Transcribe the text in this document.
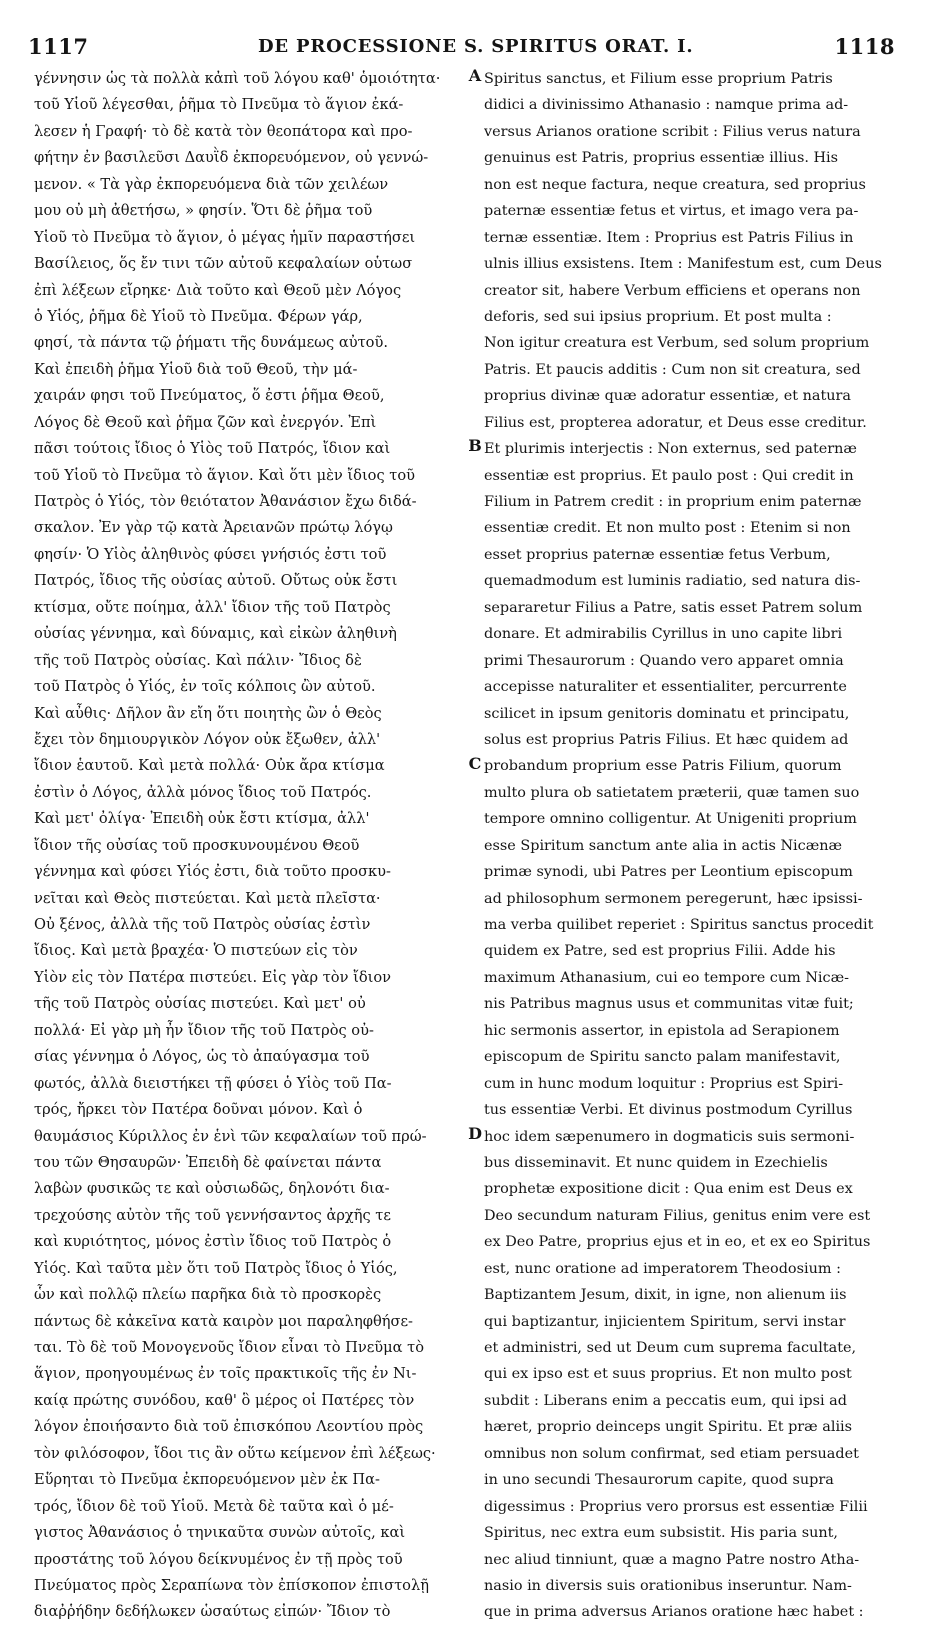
1117	DE PROCESSIONE S. SPIRITUS ORAT. I.	1118
γέννησιν ὡς τὰ πολλὰ κἀπὶ τοῦ λόγου καθ' ὁμοιότητα·
τοῦ Υἱοῦ λέγεσθαι, ῥῆμα τὸ Πνεῦμα τὸ ἅγιον ἐκά-
λεσεν ἡ Γραφή· τὸ δὲ κατὰ τὸν θεοπάτορα καὶ προ-
φήτην ἐν βασιλεῦσι Δαυῒδ ἐκπορευόμενον, οὐ γεννώ-
μενον. « Τὰ γὰρ ἐκπορευόμενα διὰ τῶν χειλέων
μου οὐ μὴ ἀθετήσω, » φησίν. Ὅτι δὲ ῥῆμα τοῦ
Υἱοῦ τὸ Πνεῦμα τὸ ἅγιον, ὁ μέγας ἡμῖν παραστήσει
Βασίλειος, ὅς ἔν τινι τῶν αὐτοῦ κεφαλαίων οὑτωσ
ἐπὶ λέξεων εἴρηκε· Διὰ τοῦτο καὶ Θεοῦ μὲν Λόγος
ὁ Υἱός, ῥῆμα δὲ Υἱοῦ τὸ Πνεῦμα. Φέρων γάρ,
φησί, τὰ πάντα τῷ ῥήματι τῆς δυνάμεως αὐτοῦ.
Καὶ ἐπειδὴ ῥῆμα Υἱοῦ διὰ τοῦ Θεοῦ, τὴν μά-
χαιράν φησι τοῦ Πνεύματος, ὅ ἐστι ῥῆμα Θεοῦ,
Λόγος δὲ Θεοῦ καὶ ῥῆμα ζῶν καὶ ἐνεργόν. Ἐπὶ
πᾶσι τούτοις ἴδιος ὁ Υἱὸς τοῦ Πατρός, ἴδιον καὶ
τοῦ Υἱοῦ τὸ Πνεῦμα τὸ ἅγιον. Καὶ ὅτι μὲν ἴδιος τοῦ
Πατρὸς ὁ Υἱός, τὸν θειότατον Ἀθανάσιον ἔχω διδά-
σκαλον. Ἐν γὰρ τῷ κατὰ Ἀρειανῶν πρώτῳ λόγῳ
φησίν· Ὁ Υἱὸς ἀληθινὸς φύσει γνήσιός ἐστι τοῦ
Πατρός, ἴδιος τῆς οὐσίας αὐτοῦ. Οὔτως οὐκ ἔστι
κτίσμα, οὔτε ποίημα, ἀλλ' ἴδιον τῆς τοῦ Πατρὸς
οὐσίας γέννημα, καὶ δύναμις, καὶ εἰκὼν ἀληθινὴ
τῆς τοῦ Πατρὸς οὐσίας. Καὶ πάλιν· Ἴδιος δὲ
τοῦ Πατρὸς ὁ Υἱός, ἐν τοῖς κόλποις ὢν αὐτοῦ.
Καὶ αὖθις· Δῆλον ἂν εἴη ὅτι ποιητὴς ὢν ὁ Θεὸς
ἔχει τὸν δημιουργικὸν Λόγον οὐκ ἔξωθεν, ἀλλ'
ἴδιον ἑαυτοῦ. Καὶ μετὰ πολλά· Οὐκ ἄρα κτίσμα
ἐστὶν ὁ Λόγος, ἀλλὰ μόνος ἴδιος τοῦ Πατρός.
Καὶ μετ' ὀλίγα· Ἐπειδὴ οὐκ ἔστι κτίσμα, ἀλλ'
ἴδιον τῆς οὐσίας τοῦ προσκυνουμένου Θεοῦ
γέννημα καὶ φύσει Υἱός ἐστι, διὰ τοῦτο προσκυ-
νεῖται καὶ Θεὸς πιστεύεται. Καὶ μετὰ πλεῖστα·
Οὐ ξένος, ἀλλὰ τῆς τοῦ Πατρὸς οὐσίας ἐστὶν
ἴδιος. Καὶ μετὰ βραχέα· Ὁ πιστεύων εἰς τὸν
Υἱὸν εἰς τὸν Πατέρα πιστεύει. Εἰς γὰρ τὸν ἴδιον
τῆς τοῦ Πατρὸς οὐσίας πιστεύει. Καὶ μετ' οὐ
πολλά· Εἰ γὰρ μὴ ἦν ἴδιον τῆς τοῦ Πατρὸς οὐ-
σίας γέννημα ὁ Λόγος, ὡς τὸ ἀπαύγασμα τοῦ
φωτός, ἀλλὰ διειστήκει τῇ φύσει ὁ Υἱὸς τοῦ Πα-
τρός, ἤρκει τὸν Πατέρα δοῦναι μόνον. Καὶ ὁ
θαυμάσιος Κύριλλος ἐν ἑνὶ τῶν κεφαλαίων τοῦ πρώ-
του τῶν Θησαυρῶν· Ἐπειδὴ δὲ φαίνεται πάντα
λαβὼν φυσικῶς τε καὶ οὐσιωδῶς, δηλονότι δια-
τρεχούσης αὐτὸν τῆς τοῦ γεννήσαντος ἀρχῆς τε
καὶ κυριότητος, μόνος ἐστὶν ἴδιος τοῦ Πατρὸς ὁ
Υἱός. Καὶ ταῦτα μὲν ὅτι τοῦ Πατρὸς ἴδιος ὁ Υἱός,
ὧν καὶ πολλῷ πλείω παρῆκα διὰ τὸ προσκορὲς
πάντως δὲ κἀκεῖνα κατὰ καιρὸν μοι παραληφθήσε-
ται. Τὸ δὲ τοῦ Μονογενοῦς ἴδιον εἶναι τὸ Πνεῦμα τὸ
ἅγιον, προηγουμένως ἐν τοῖς πρακτικοῖς τῆς ἐν Νι-
καίᾳ πρώτης συνόδου, καθ' ὃ μέρος οἱ Πατέρες τὸν
λόγον ἐποιήσαντο διὰ τοῦ ἐπισκόπου Λεοντίου πρὸς
τὸν φιλόσοφον, ἴδοι τις ἂν οὕτω κείμενον ἐπὶ λέξεως·
Εὕρηται τὸ Πνεῦμα ἐκπορευόμενον μὲν ἐκ Πα-
τρός, ἴδιον δὲ τοῦ Υἱοῦ. Μετὰ δὲ ταῦτα καὶ ὁ μέ-
γιστος Ἀθανάσιος ὁ τηνικαῦτα συνὼν αὐτοῖς, καὶ
προστάτης τοῦ λόγου δείκνυμένος ἐν τῇ πρὸς τοῦ
Πνεύματος πρὸς Σεραπίωνα τὸν ἐπίσκοπον ἐπιστολῇ
διαῤῥήδην δεδήλωκεν ὡσαύτως εἰπών· Ἴδιον τὸ
Spiritus sanctus, et Filium esse proprium Patris
didici a divinissimo Athanasio : namque prima ad-
versus Arianos oratione scribit : Filius verus natura
genuinus est Patris, proprius essentiæ illius. His
non est neque factura, neque creatura, sed proprius
paternæ essentiæ fetus et virtus, et imago vera pa-
ternæ essentiæ. Item : Proprius est Patris Filius in
ulnis illius exsistens. Item : Manifestum est, cum Deus
creator sit, habere Verbum efficiens et operans non
deforis, sed sui ipsius proprium. Et post multa :
Non igitur creatura est Verbum, sed solum proprium
Patris. Et paucis additis : Cum non sit creatura, sed
proprius divinæ quæ adoratur essentiæ, et natura
Filius est, propterea adoratur, et Deus esse creditur.
Et plurimis interjectis : Non externus, sed paternæ
essentiæ est proprius. Et paulo post : Qui credit in
Filium in Patrem credit : in proprium enim paternæ
essentiæ credit. Et non multo post : Etenim si non
esset proprius paternæ essentiæ fetus Verbum,
quemadmodum est luminis radiatio, sed natura dis-
separaretur Filius a Patre, satis esset Patrem solum
donare. Et admirabilis Cyrillus in uno capite libri
primi Thesaurorum : Quando vero apparet omnia
accepisse naturaliter et essentialiter, percurrente
scilicet in ipsum genitoris dominatu et principatu,
solus est proprius Patris Filius. Et hæc quidem ad
probandum proprium esse Patris Filium, quorum
multo plura ob satietatem præterii, quæ tamen suo
tempore omnino colligentur. At Unigeniti proprium
esse Spiritum sanctum ante alia in actis Nicænæ
primæ synodi, ubi Patres per Leontium episcopum
ad philosophum sermonem peregerunt, hæc ipsissi-
ma verba quilibet reperiet : Spiritus sanctus procedit
quidem ex Patre, sed est proprius Filii. Adde his
maximum Athanasium, cui eo tempore cum Nicæ-
nis Patribus magnus usus et communitas vitæ fuit;
hic sermonis assertor, in epistola ad Serapionem
episcopum de Spiritu sancto palam manifestavit,
cum in hunc modum loquitur : Proprius est Spiri-
tus essentiæ Verbi. Et divinus postmodum Cyrillus
hoc idem sæpenumero in dogmaticis suis sermoni-
bus disseminavit. Et nunc quidem in Ezechielis
prophetæ expositione dicit : Qua enim est Deus ex
Deo secundum naturam Filius, genitus enim vere est
ex Deo Patre, proprius ejus et in eo, et ex eo Spiritus
est, nunc oratione ad imperatorem Theodosium :
Baptizantem Jesum, dixit, in igne, non alienum iis
qui baptizantur, injicientem Spiritum, servi instar
et administri, sed ut Deum cum suprema facultate,
qui ex ipso est et suus proprius. Et non multo post
subdit : Liberans enim a peccatis eum, qui ipsi ad
hæret, proprio deinceps ungit Spiritu. Et præ aliis
omnibus non solum confirmat, sed etiam persuadet
in uno secundi Thesaurorum capite, quod supra
digessimus : Proprius vero prorsus est essentiæ Filii
Spiritus, nec extra eum subsistit. His paria sunt,
nec aliud tinniunt, quæ a magno Patre nostro Atha-
nasio in diversis suis orationibus inseruntur. Nam-
que in prima adversus Arianos oratione hæc habet :
A
B
C
D
